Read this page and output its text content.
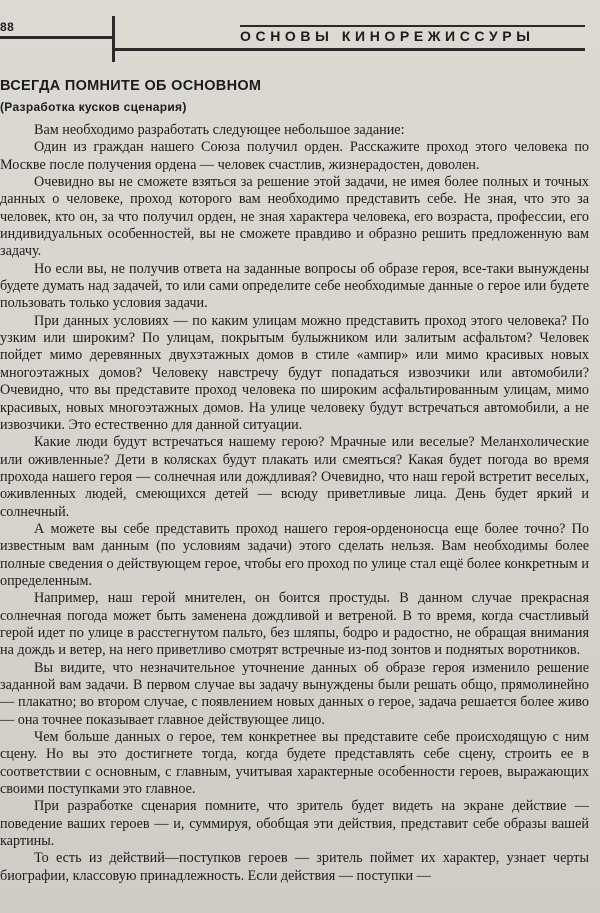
88
ОСНОВЫ КИНОРЕЖИССУРЫ
ВСЕГДА ПОМНИТЕ ОБ ОСНОВНОМ
(Разработка кусков сценария)

Вам необходимо разработать следующее небольшое задание:

Один из граждан нашего Союза получил орден. Расскажите проход этого человека по Москве после получения ордена — человек счастлив, жизнерадостен, доволен.

Очевидно вы не сможете взяться за решение этой задачи, не имея более полных и точных данных о человеке, проход которого вам необходимо представить себе. Не зная, что это за человек, кто он, за что получил орден, не зная характера человека, его возраста, профессии, его индивидуальных особенностей, вы не сможете правдиво и образно решить предложенную вам задачу.

Но если вы, не получив ответа на заданные вопросы об образе героя, все-таки вынуждены будете думать над задачей, то или сами определите себе необходимые данные о герое или будете пользовать только условия задачи.

При данных условиях — по каким улицам можно представить проход этого человека? По узким или широким? По улицам, покрытым булыжником или залитым асфальтом? Человек пойдет мимо деревянных двухэтажных домов в стиле «ампир» или мимо красивых новых многоэтажных домов? Человеку навстречу будут попадаться извозчики или автомобили? Очевидно, что вы представите проход человека по широким асфальтированным улицам, мимо красивых, новых многоэтажных домов. На улице человеку будут встречаться автомобили, а не извозчики. Это естественно для данной ситуации.

Какие люди будут встречаться нашему герою? Мрачные или веселые? Меланхолические или оживленные? Дети в колясках будут плакать или смеяться? Какая будет погода во время прохода нашего героя — солнечная или дождливая? Очевидно, что наш герой встретит веселых, оживленных людей, смеющихся детей — всюду приветливые лица. День будет яркий и солнечный.

А можете вы себе представить проход нашего героя-орденоносца еще более точно? По известным вам данным (по условиям задачи) этого сделать нельзя. Вам необходимы более полные сведения о действующем герое, чтобы его проход по улице стал ещё более конкретным и определенным.

Например, наш герой мнителен, он боится простуды. В данном случае прекрасная солнечная погода может быть заменена дождливой и ветреной. В то время, когда счастливый герой идет по улице в расстегнутом пальто, без шляпы, бодро и радостно, не обращая внимания на дождь и ветер, на него приветливо смотрят встречные из-под зонтов и поднятых воротников.

Вы видите, что незначительное уточнение данных об образе героя изменило решение заданной вам задачи. В первом случае вы задачу вынуждены были решать общо, прямолинейно — плакатно; во втором случае, с появлением новых данных о герое, задача решается более живо — она точнее показывает главное действующее лицо.

Чем больше данных о герое, тем конкретнее вы представите себе происходящую с ним сцену. Но вы это достигнете тогда, когда будете представлять себе сцену, строить ее в соответствии с основным, с главным, учитывая характерные особенности героев, выражающих своими поступками это главное.

При разработке сценария помните, что зритель будет видеть на экране действие — поведение ваших героев — и, суммируя, обобщая эти действия, представит себе образы вашей картины.

То есть из действий—поступков героев — зритель поймет их характер, узнает черты биографии, классовую принадлежность. Если действия — поступки —
